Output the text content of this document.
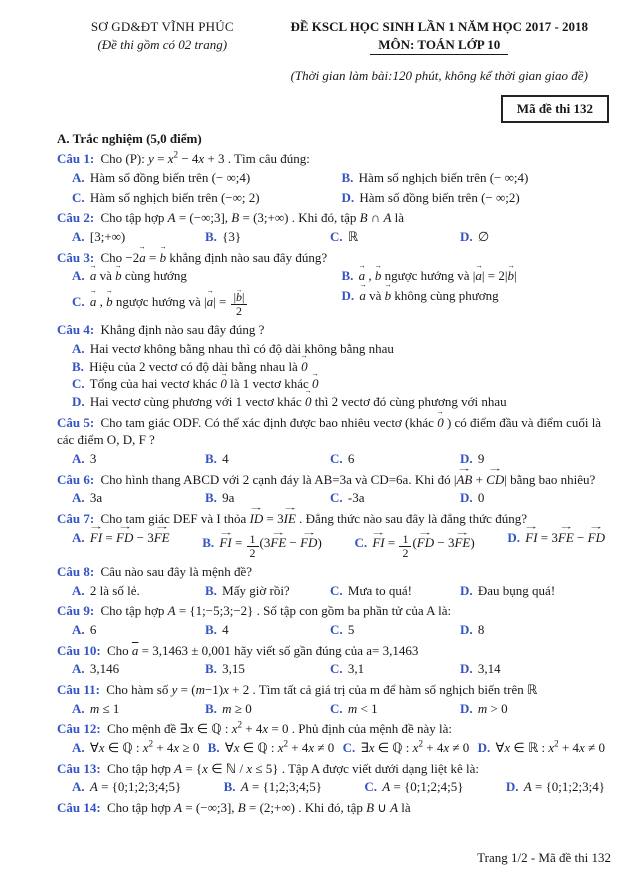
SƠ GD&ĐT VĨNH PHÚC
(Đề thi gồm có 02 trang)
ĐỀ KSCL HỌC SINH LẦN 1 NĂM HỌC 2017 - 2018
MÔN: TOÁN LỚP 10
(Thời gian làm bài:120 phút, không kể thời gian giao đề)
Mã đề thi 132
A. Trắc nghiệm (5,0 điểm)
Câu 1: Cho (P): $y = x^2 - 4x + 3$ . Tìm câu đúng:
A. Hàm số đồng biến trên (− ∞;4)	B. Hàm số nghịch biến trên (− ∞;4)
C. Hàm số nghịch biến trên (−∞; 2)	D. Hàm số đồng biến trên (− ∞;2)
Câu 2: Cho tập hợp A = (−∞;3], B = (3;+∞) . Khi đó, tập B ∩ A là
A. [3;+∞)	B. {3}	C. ℝ	D. ∅
Câu 3: Cho −2→ a = → b khẳng định nào sau đây đúng?
A. → a và → b cùng hướng	B. → a , → b ngược hướng và |→ a| = 2|→ b|
C. → a , → b ngược hướng và |→ $a| = \frac{|\to b|}{2}$	D. → a và → b không cùng phương
Câu 4: Khẳng định nào sau đây đúng ?
A. Hai vectơ không bằng nhau thì có độ dài không bằng nhau
B. Hiệu của 2 vectơ có độ dài bằng nhau là → 0
C. Tổng của hai vectơ khác → 0 là 1 vectơ khác → 0
D. Hai vectơ cùng phương với 1 vectơ khác → 0 thì 2 vectơ đó cùng phương với nhau
Câu 5: Cho tam giác ODF. Có thể xác định được bao nhiêu vectơ (khác → 0 ) có điểm đầu và điểm cuối là các điểm O, D, F ?
A. 3	B. 4	C. 6	D. 9
Câu 6: Cho hình thang ABCD với 2 cạnh đáy là AB=3a và CD=6a. Khi đó |→ AB + → CD| bằng bao nhiêu?
A. 3a	B. 9a	C. -3a	D. 0
Câu 7: Cho tam giác DEF và I thỏa → ID = 3→ IE . Đẳng thức nào sau đây là đẳng thức đúng?
A. → FI = → FD − 3→ FE	B. → FI = $\frac{1}{2} (3\to$ FE − → FD)	C. → FI = $\frac{1}{2}$ (→ FD − 3→ FE)	D. → FI = 3→ FE − → FD
Câu 8: Câu nào sau đây là mệnh đề?
A. 2 là số lẻ.	B. Mấy giờ rồi?	C. Mưa to quá!	D. Đau bụng quá!
Câu 9: Cho tập hợp A = {1;−5;3;−2} . Số tập con gồm ba phần tử của A là:
A. 6	B. 4	C. 5	D. 8
Câu 10: Cho $\overline{a} = 3,1463 \pm 0,001$ hãy viết số gần đúng của a= 3,1463
A. 3,146	B. 3,15	C. 3,1	D. 3,14
Câu 11: Cho hàm số y = (m−1)x + 2 . Tìm tất cả giá trị của m để hàm số nghịch biến trên ℝ
A. m ≤ 1	B. m ≥ 0	C. m < 1	D. m > 0
Câu 12: Cho mệnh đề ∃x ∈ ℚ : $x^2 + 4x = 0$ . Phủ định của mệnh đề này là:
A. ∀x ∈ ℚ : $x^2 + 4x \ge 0$ B. ∀x ∈ ℚ : $x^2 + 4x \ne 0$ C. ∃x ∈ ℚ : $x^2 + 4x \ne 0$ D. ∀x ∈ ℝ : $x^2 + 4x \ne 0$
Câu 13: Cho tập hợp A = {x ∈ ℕ / x ≤ 5} . Tập A được viết dưới dạng liệt kê là:
A. A = {0;1;2;3;4;5}	B. A = {1;2;3;4;5}	C. A = {0;1;2;4;5}	D. A = {0;1;2;3;4}
Câu 14: Cho tập hợp A = (−∞;3], B = (2;+∞) . Khi đó, tập B ∪ A là
Trang 1/2 - Mã đề thi 132
